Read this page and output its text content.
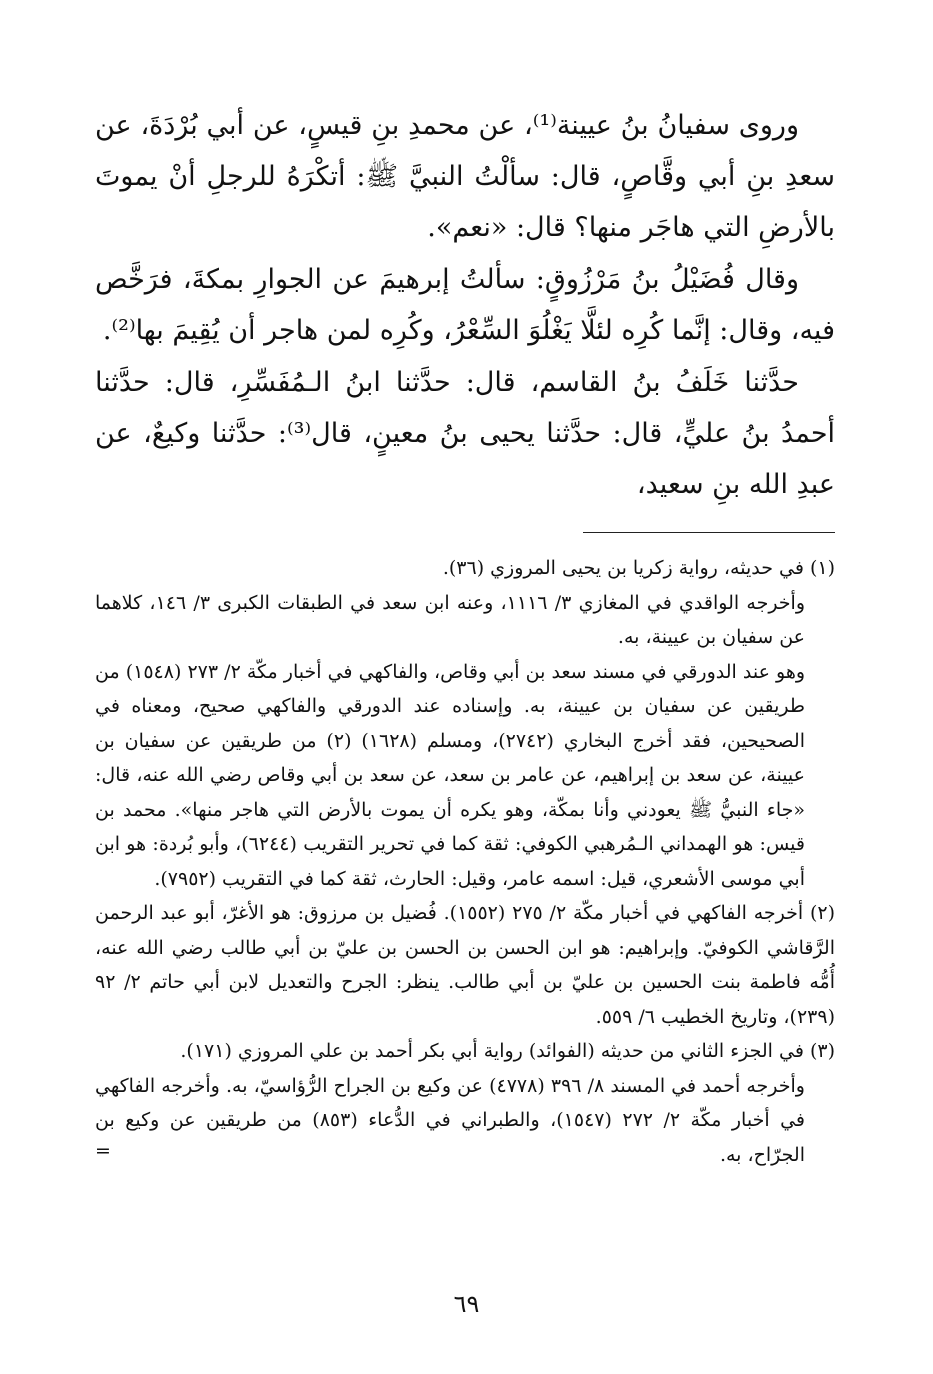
وروى سفيانُ بنُ عيينة⁽¹⁾، عن محمدِ بنِ قيسٍ، عن أبي بُرْدَةَ، عن سعدِ بنِ أبي وقَّاصٍ، قال: سألْتُ النبيَّ ﷺ: أتكْرَهُ للرجلِ أنْ يموتَ بالأرضِ التي هاجَر منها؟ قال: «نعم».

وقال فُضَيْلُ بنُ مَرْزُوقٍ: سألتُ إبرهيمَ عن الجوارِ بمكةَ، فرَخَّص فيه، وقال: إنَّما كُرِه لئلَّا يَغْلُوَ السِّعْرُ، وكُرِه لمن هاجر أن يُقِيمَ بها⁽²⁾.

حدَّثنا خَلَفُ بنُ القاسم، قال: حدَّثنا ابنُ الـمُفَسِّرِ، قال: حدَّثنا أحمدُ بنُ عليٍّ، قال: حدَّثنا يحيى بنُ معينٍ، قال⁽³⁾: حدَّثنا وكيعٌ، عن عبدِ الله بنِ سعيد،

(١) في حديثه، رواية زكريا بن يحيى المروزي (٣٦).

وأخرجه الواقدي في المغازي ٣/ ١١١٦، وعنه ابن سعد في الطبقات الكبرى ٣/ ١٤٦، كلاهما عن سفيان بن عيينة، به.

وهو عند الدورقي في مسند سعد بن أبي وقاص، والفاكهي في أخبار مكّة ٢/ ٢٧٣ (١٥٤٨) من طريقين عن سفيان بن عيينة، به. وإسناده عند الدورقي والفاكهي صحيح، ومعناه في الصحيحين، فقد أخرج البخاري (٢٧٤٢)، ومسلم (١٦٢٨) (٢) من طريقين عن سفيان بن عيينة، عن سعد بن إبراهيم، عن عامر بن سعد، عن سعد بن أبي وقاص رضي الله عنه، قال: «جاء النبيُّ ﷺ يعودني وأنا بمكّة، وهو يكره أن يموت بالأرض التي هاجر منها». محمد بن قيس: هو الهمداني الـمُرهبي الكوفي: ثقة كما في تحرير التقريب (٦٢٤٤)، وأبو بُردة: هو ابن أبي موسى الأشعري، قيل: اسمه عامر، وقيل: الحارث، ثقة كما في التقريب (٧٩٥٢).

(٢) أخرجه الفاكهي في أخبار مكّة ٢/ ٢٧٥ (١٥٥٢). فُضيل بن مرزوق: هو الأغرّ، أبو عبد الرحمن الرَّقاشي الكوفيّ. وإبراهيم: هو ابن الحسن بن الحسن بن عليّ بن أبي طالب رضي الله عنه، أُمُّه فاطمة بنت الحسين بن عليّ بن أبي طالب. ينظر: الجرح والتعديل لابن أبي حاتم ٢/ ٩٢ (٢٣٩)، وتاريخ الخطيب ٦/ ٥٥٩.

(٣) في الجزء الثاني من حديثه (الفوائد) رواية أبي بكر أحمد بن علي المروزي (١٧١).

وأخرجه أحمد في المسند ٨/ ٣٩٦ (٤٧٧٨) عن وكيع بن الجراح الرُّؤاسيّ، به. وأخرجه الفاكهي في أخبار مكّة ٢/ ٢٧٢ (١٥٤٧)، والطبراني في الدُّعاء (٨٥٣) من طريقين عن وكيع بن الجرّاح، به.
=

٦٩
